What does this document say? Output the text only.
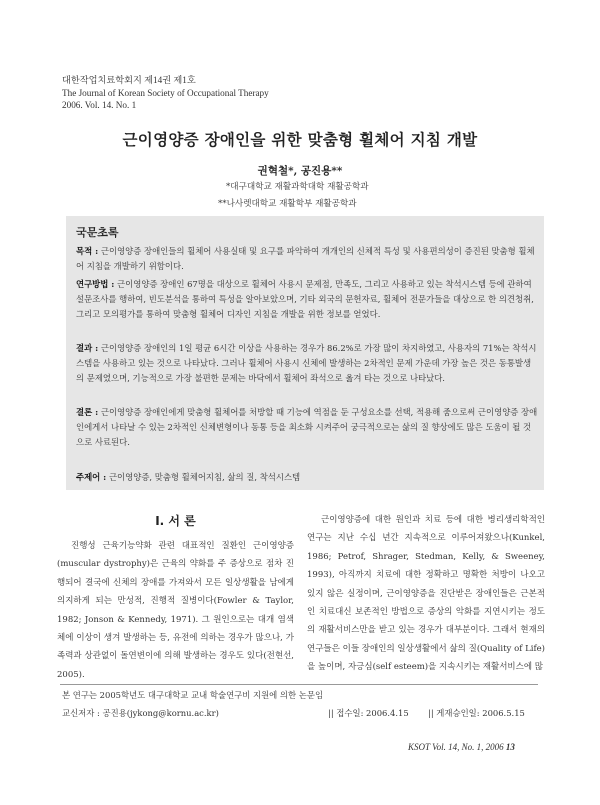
대한작업치료학회지 제14권 제1호
The Journal of Korean Society of Occupational Therapy
2006. Vol. 14. No. 1
근이영양증 장애인을 위한 맞춤형 휠체어 지침 개발
권혁철*, 공진용**
*대구대학교 재활과학대학 재활공학과
**나사렛대학교 재활학부 재활공학과
국문초록
목적 : 근이영양증 장애인들의 휠체어 사용실태 및 요구를 파악하여 개개인의 신체적 특성 및 사용편의성이 증진된 맞춤형 휠체어 지침을 개발하기 위함이다.
연구방법 : 근이영양증 장애인 67명을 대상으로 휠체어 사용시 문제점, 만족도, 그리고 사용하고 있는 착석시스템 등에 관하여 설문조사를 행하여, 빈도분석을 통하여 특성을 알아보았으며, 기타 외국의 문헌자료, 휠체어 전문가들을 대상으로 한 의견청취, 그리고 모의평가를 통하여 맞춤형 휠체어 디자인 지침을 개발을 위한 정보를 얻었다.
결과 : 근이영양증 장애인의 1일 평균 6시간 이상을 사용하는 경우가 86.2%로 가장 많이 차지하였고, 사용자의 71%는 착석시스템을 사용하고 있는 것으로 나타났다. 그러나 휠체어 사용시 신체에 발생하는 2차적인 문제 가운데 가장 높은 것은 동통발생의 문제였으며, 기능적으로 가장 불편한 문제는 바닥에서 휠체어 좌석으로 옮겨 타는 것으로 나타났다.
결론 : 근이영양증 장애인에게 맞춤형 휠체어를 처방할 때 기능에 역점을 둔 구성요소를 선택, 적용해 줌으로써 근이영양증 장애인에게서 나타날 수 있는 2차적인 신체변형이나 동통 등을 최소화 시켜주어 궁극적으로는 삶의 질 향상에도 많은 도움이 될 것으로 사료된다.
주제어 : 근이영양증, 맞춤형 휠체어지침, 삶의 질, 착석시스템
Ⅰ. 서 론
진행성 근육기능약화 관련 대표적인 질환인 근이영양증(muscular dystrophy)은 근육의 약화를 주 증상으로 점차 진행되어 결국에 신체의 장애를 가져와서 모든 일상생활을 남에게 의지하게 되는 만성적, 진행적 질병이다(Fowler & Taylor, 1982; Jonson & Kennedy, 1971). 그 원인으로는 대개 염색체에 이상이 생겨 발생하는 등, 유전에 의하는 경우가 많으나, 가족력과 상관없이 돌연변이에 의해 발생하는 경우도 있다(전현선, 2005).
근이영양증에 대한 원인과 치료 등에 대한 병리생리학적인 연구는 지난 수십 년간 지속적으로 이루어져왔으나(Kunkel, 1986; Petrof, Shrager, Stedman, Kelly, & Sweeney, 1993), 아직까지 치료에 대한 정확하고 명확한 처방이 나오고 있지 않은 실정이며, 근이영양증을 진단받은 장애인들은 근본적인 치료대신 보존적인 방법으로 증상의 악화를 지연시키는 정도의 재활서비스만을 받고 있는 경우가 대부분이다. 그래서 현재의 연구들은 이들 장애인의 일상생활에서 삶의 질(Quality of Life)을 높이며, 자긍심(self esteem)을 지속시키는 재활서비스에 많
본 연구는 2005학년도 대구대학교 교내 학술연구비 지원에 의한 논문임
교신저자 : 공진용(jykong@kornu.ac.kr)	|| 접수일: 2006.4.15 || 게재승인일: 2006.5.15
KSOT Vol. 14, No. 1, 2006 13
